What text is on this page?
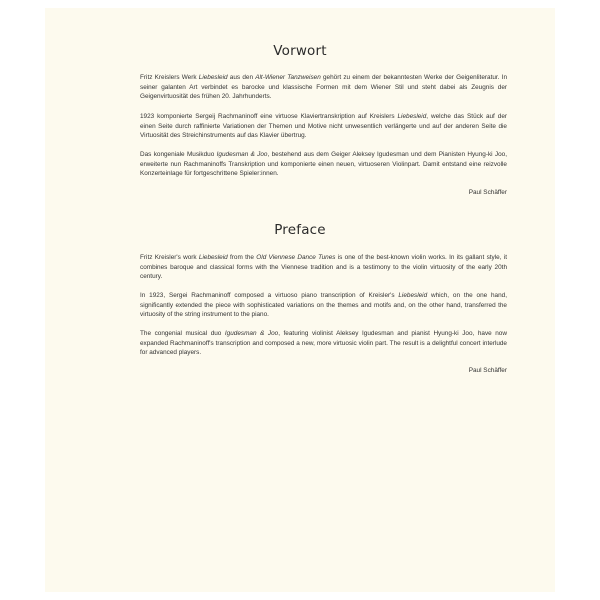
Vorwort

Fritz Kreislers Werk Liebesleid aus den Alt-Wiener Tanzweisen gehört zu einem der bekanntesten Werke der Geigenliteratur. In seiner galanten Art verbindet es barocke und klassische Formen mit dem Wiener Stil und steht dabei als Zeugnis der Geigenvirtuosität des frühen 20. Jahrhunderts.

1923 komponierte Sergeij Rachmaninoff eine virtuose Klaviertranskription auf Kreislers Liebesleid, welche das Stück auf der einen Seite durch raffinierte Variationen der Themen und Motive nicht unwesentlich verlängerte und auf der anderen Seite die Virtuosität des Streichinstruments auf das Klavier übertrug.

Das kongeniale Musikduo Igudesman & Joo, bestehend aus dem Geiger Aleksey Igudesman und dem Pianisten Hyung-ki Joo, erweiterte nun Rachmaninoffs Transkription und komponierte einen neuen, virtuoseren Violinpart. Damit entstand eine reizvolle Konzerteinlage für fortgeschrittene Spieler:innen.

Paul Schäffer

Preface

Fritz Kreisler's work Liebesleid from the Old Viennese Dance Tunes is one of the best-known violin works. In its gallant style, it combines baroque and classical forms with the Viennese tradition and is a testimony to the violin virtuosity of the early 20th century.

In 1923, Sergei Rachmaninoff composed a virtuoso piano transcription of Kreisler's Liebesleid which, on the one hand, significantly extended the piece with sophisticated variations on the themes and motifs and, on the other hand, transferred the virtuosity of the string instrument to the piano.

The congenial musical duo Igudesman & Joo, featuring violinist Aleksey Igudesman and pianist Hyung-ki Joo, have now expanded Rachmaninoff's transcription and composed a new, more virtuosic violin part. The result is a delightful concert interlude for advanced players.

Paul Schäffer
